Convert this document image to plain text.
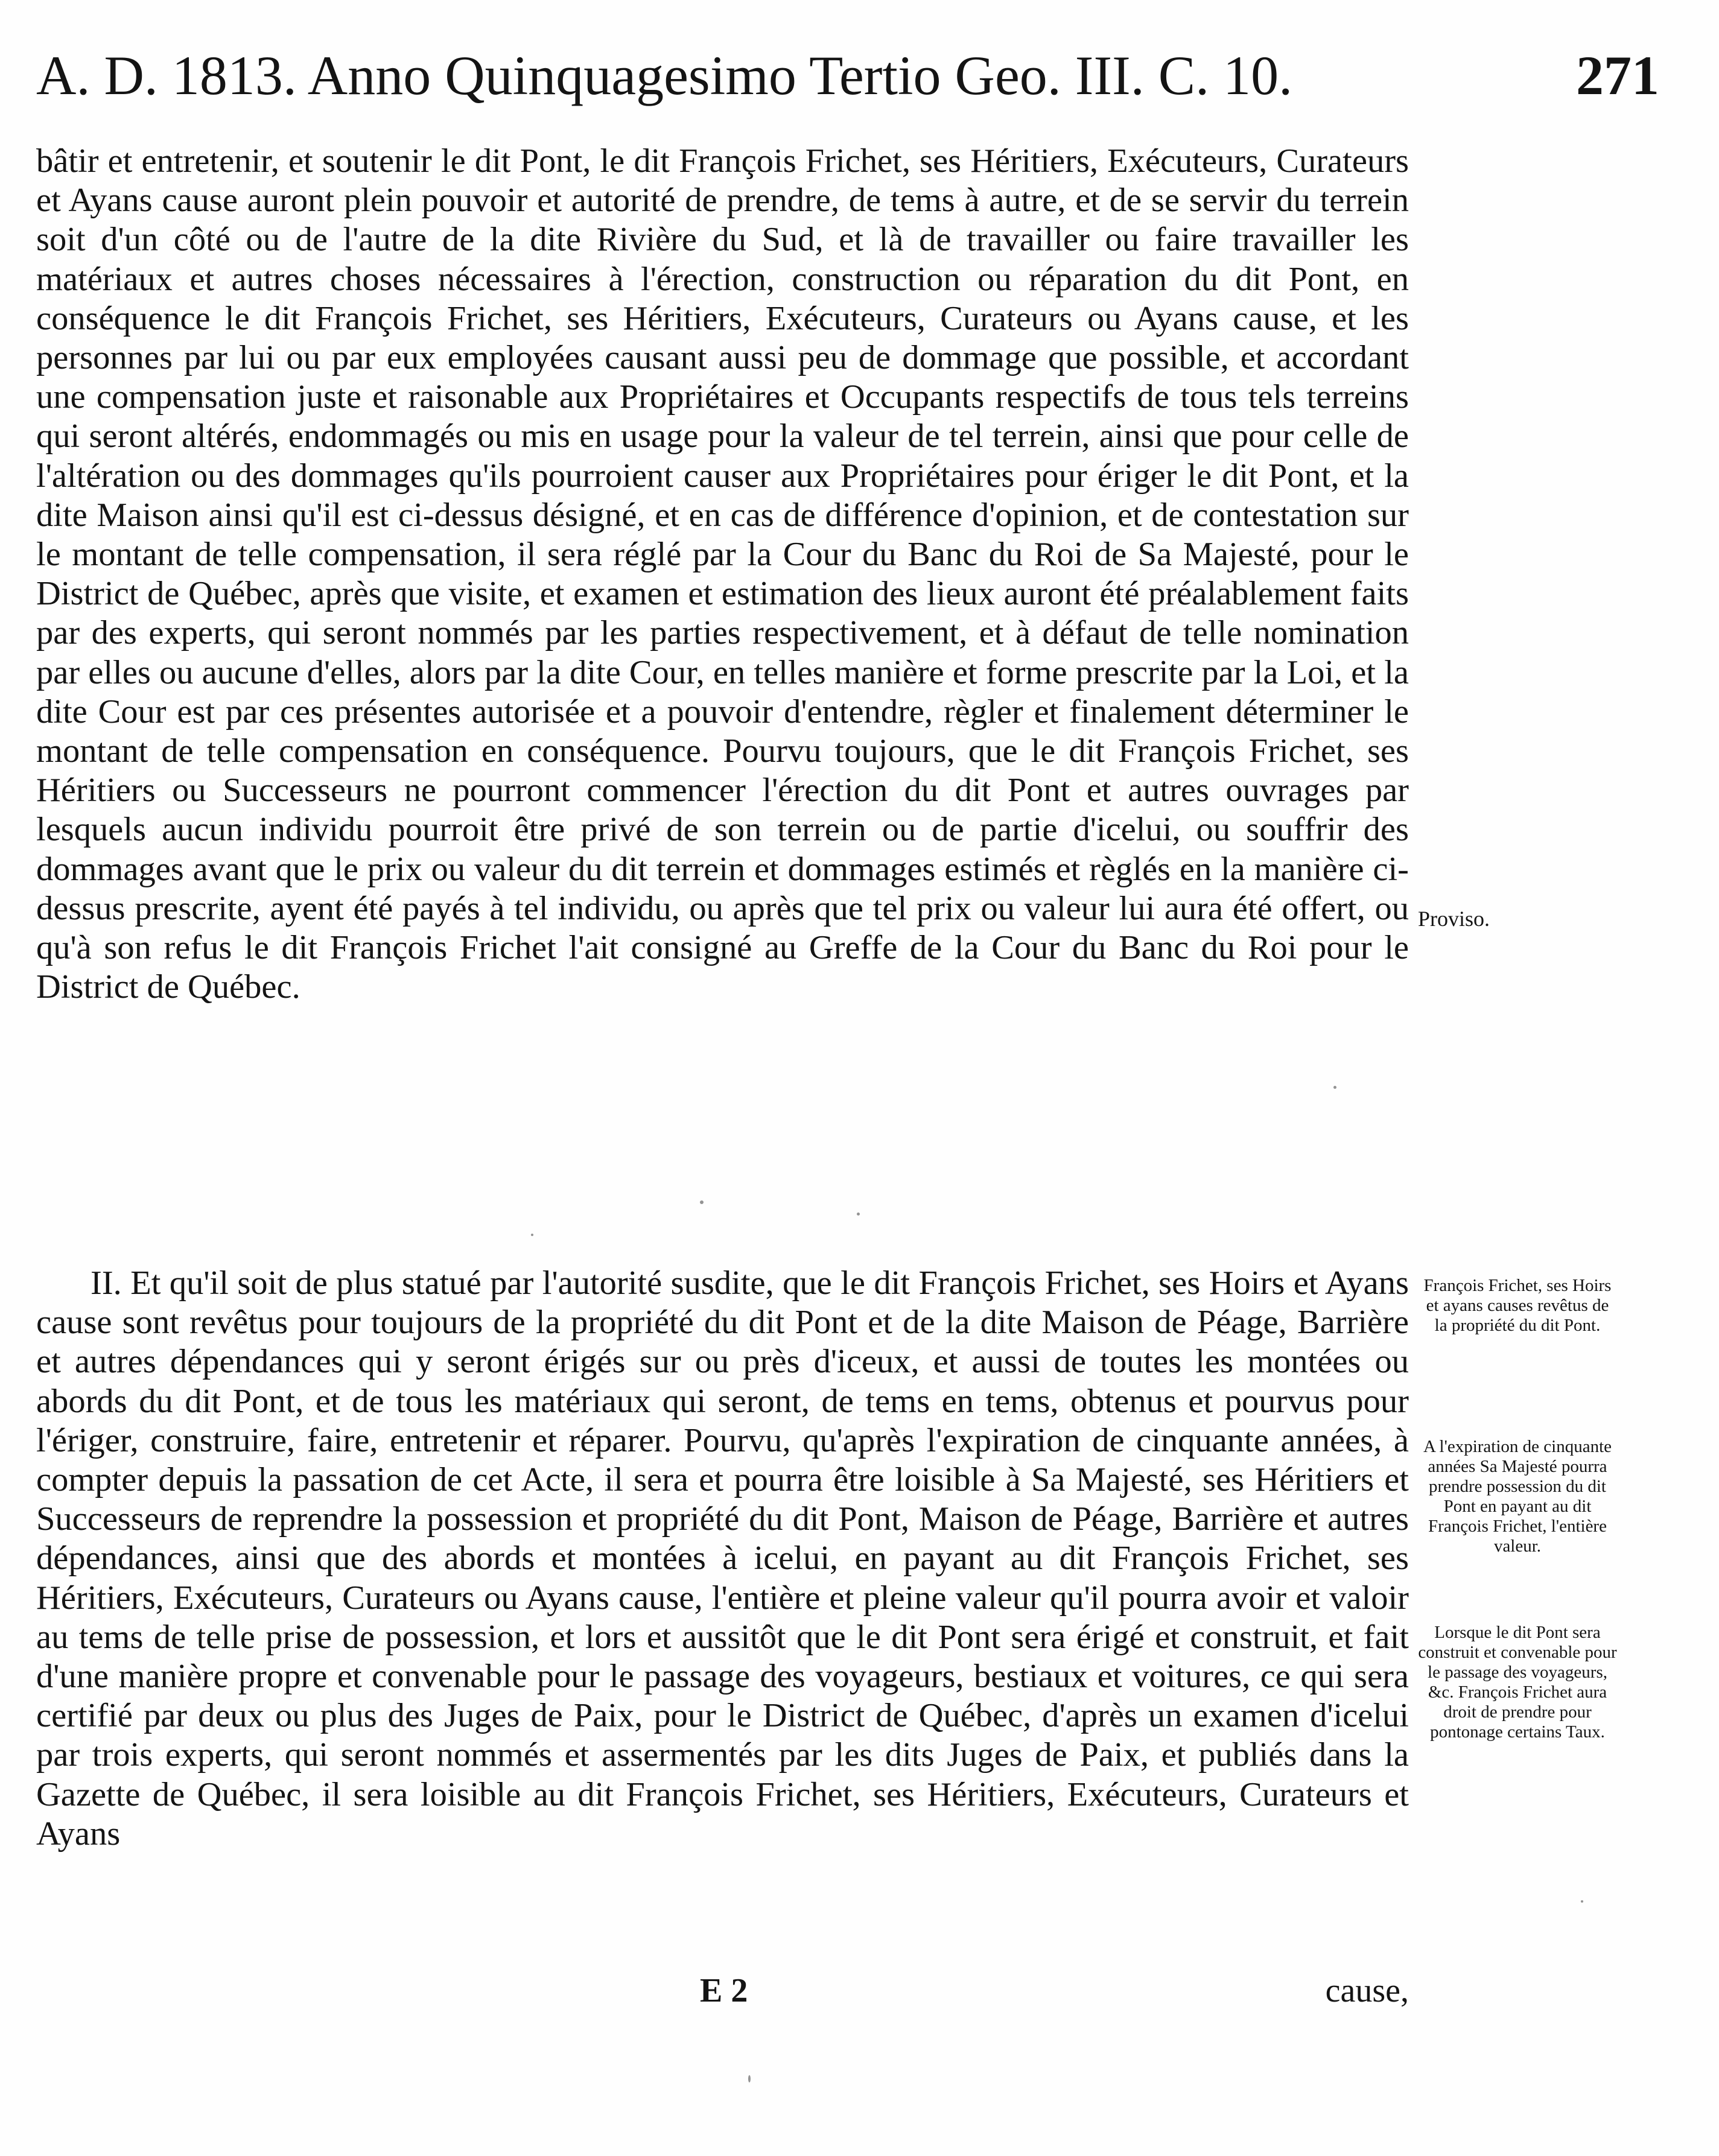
A. D. 1813. Anno Quinquagesimo Tertio Geo. III. C. 10.	271

bâtir et entretenir, et soutenir le dit Pont, le dit François Frichet, ses Héritiers, Exécuteurs, Curateurs et Ayans cause auront plein pouvoir et autorité de prendre, de tems à autre, et de se servir du terrein soit d'un côté ou de l'autre de la dite Rivière du Sud, et là de travailler ou faire travailler les matériaux et autres choses nécessaires à l'érection, construction ou réparation du dit Pont, en conséquence le dit François Frichet, ses Héritiers, Exécuteurs, Curateurs ou Ayans cause, et les personnes par lui ou par eux employées causant aussi peu de dommage que possible, et accordant une compensation juste et raisonable aux Propriétaires et Occupants respectifs de tous tels terreins qui seront altérés, endommagés ou mis en usage pour la valeur de tel terrein, ainsi que pour celle de l'altération ou des dommages qu'ils pourroient causer aux Propriétaires pour ériger le dit Pont, et la dite Maison ainsi qu'il est ci-dessus désigné, et en cas de différence d'opinion, et de contestation sur le montant de telle compensation, il sera réglé par la Cour du Banc du Roi de Sa Majesté, pour le District de Québec, après que visite, et examen et estimation des lieux auront été préalablement faits par des experts, qui seront nommés par les parties respectivement, et à défaut de telle nomination par elles ou aucune d'elles, alors par la dite Cour, en telles manière et forme prescrite par la Loi, et la dite Cour est par ces présentes autorisée et a pouvoir d'entendre, règler et finalement déterminer le montant de telle compensation en conséquence. Pourvu toujours, que le dit François Frichet, ses Héritiers ou Successeurs ne pourront commencer l'érection du dit Pont et autres ouvrages par lesquels aucun individu pourroit être privé de son terrein ou de partie d'icelui, ou souffrir des dommages avant que le prix ou valeur du dit terrein et dommages estimés et règlés en la manière ci-dessus prescrite, ayent été payés à tel individu, ou après que tel prix ou valeur lui aura été offert, ou qu'à son refus le dit François Frichet l'ait consigné au Greffe de la Cour du Banc du Roi pour le District de Québec.

Proviso.

II. Et qu'il soit de plus statué par l'autorité susdite, que le dit François Frichet, ses Hoirs et Ayans cause sont revêtus pour toujours de la propriété du dit Pont et de la dite Maison de Péage, Barrière et autres dépendances qui y seront érigés sur ou près d'iceux, et aussi de toutes les montées ou abords du dit Pont, et de tous les matériaux qui seront, de tems en tems, obtenus et pourvus pour l'ériger, construire, faire, entretenir et réparer. Pourvu, qu'après l'expiration de cinquante années, à compter depuis la passation de cet Acte, il sera et pourra être loisible à Sa Majesté, ses Héritiers et Successeurs de reprendre la possession et propriété du dit Pont, Maison de Péage, Barrière et autres dépendances, ainsi que des abords et montées à icelui, en payant au dit François Frichet, ses Héritiers, Exécuteurs, Curateurs ou Ayans cause, l'entière et pleine valeur qu'il pourra avoir et valoir au tems de telle prise de possession, et lors et aussitôt que le dit Pont sera érigé et construit, et fait d'une manière propre et convenable pour le passage des voyageurs, bestiaux et voitures, ce qui sera certifié par deux ou plus des Juges de Paix, pour le District de Québec, d'après un examen d'icelui par trois experts, qui seront nommés et assermentés par les dits Juges de Paix, et publiés dans la Gazette de Québec, il sera loisible au dit François Frichet, ses Héritiers, Exécuteurs, Curateurs et Ayans

François Frichet, ses Hoirs et ayans causes revêtus de la propriété du dit Pont.
A l'expiration de cinquante années Sa Majesté pourra prendre possession du dit Pont en payant au dit François Frichet, l'entière valeur.
Lorsque le dit Pont sera construit et convenable pour le passage des voyageurs, &c. François Frichet aura droit de prendre pour pontonage certains Taux.
E 2	cause,
